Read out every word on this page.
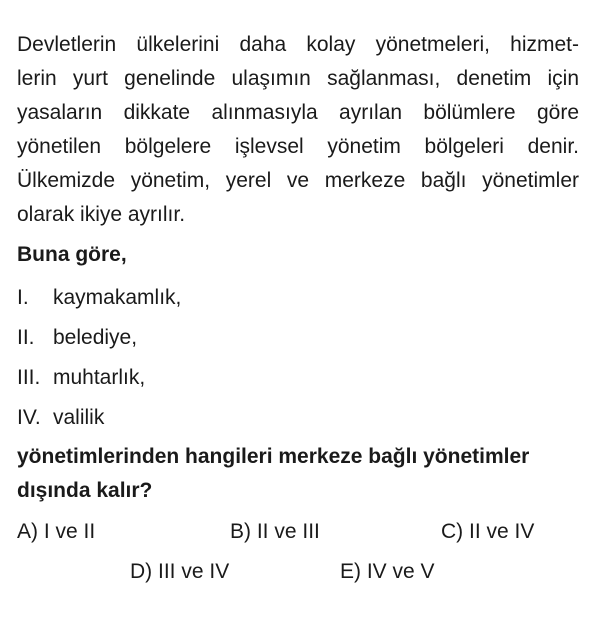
Devletlerin ülkelerini daha kolay yönetmeleri, hizmet-
lerin yurt genelinde ulaşımın sağlanması, denetim için
yasaların dikkate alınmasıyla ayrılan bölümlere göre
yönetilen bölgelere işlevsel yönetim bölgeleri denir.
Ülkemizde yönetim, yerel ve merkeze bağlı yönetimler
olarak ikiye ayrılır.

Buna göre,

I.	kaymakamlık,
II. belediye,
III. muhtarlık,
IV. valilik

yönetimlerinden hangileri merkeze bağlı yönetimler
dışında kalır?

A) I ve II	B) II ve III	C) II ve IV
D) III ve IV	E) IV ve V
